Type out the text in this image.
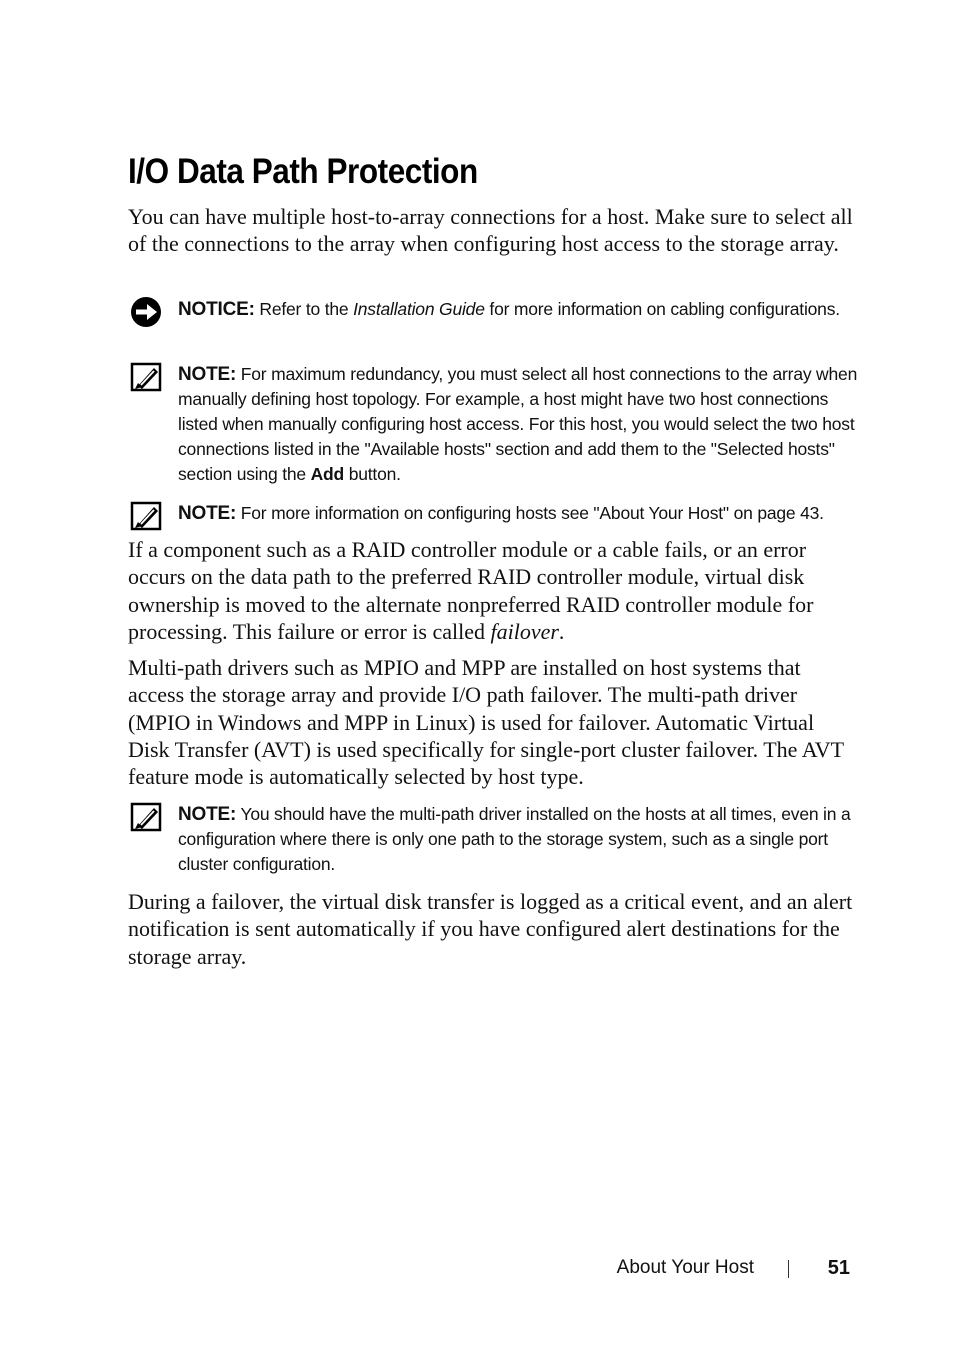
I/O Data Path Protection

You can have multiple host-to-array connections for a host. Make sure to select all of the connections to the array when configuring host access to the storage array.

NOTICE: Refer to the Installation Guide for more information on cabling configurations.
NOTE: For maximum redundancy, you must select all host connections to the array when manually defining host topology. For example, a host might have two host connections listed when manually configuring host access. For this host, you would select the two host connections listed in the "Available hosts" section and add them to the "Selected hosts" section using the Add button.
NOTE: For more information on configuring hosts see "About Your Host" on page 43.

If a component such as a RAID controller module or a cable fails, or an error occurs on the data path to the preferred RAID controller module, virtual disk ownership is moved to the alternate nonpreferred RAID controller module for processing. This failure or error is called failover.

Multi-path drivers such as MPIO and MPP are installed on host systems that access the storage array and provide I/O path failover. The multi-path driver (MPIO in Windows and MPP in Linux) is used for failover. Automatic Virtual Disk Transfer (AVT) is used specifically for single-port cluster failover. The AVT feature mode is automatically selected by host type.

NOTE: You should have the multi-path driver installed on the hosts at all times, even in a configuration where there is only one path to the storage system, such as a single port cluster configuration.

During a failover, the virtual disk transfer is logged as a critical event, and an alert notification is sent automatically if you have configured alert destinations for the storage array.

About Your Host	51
